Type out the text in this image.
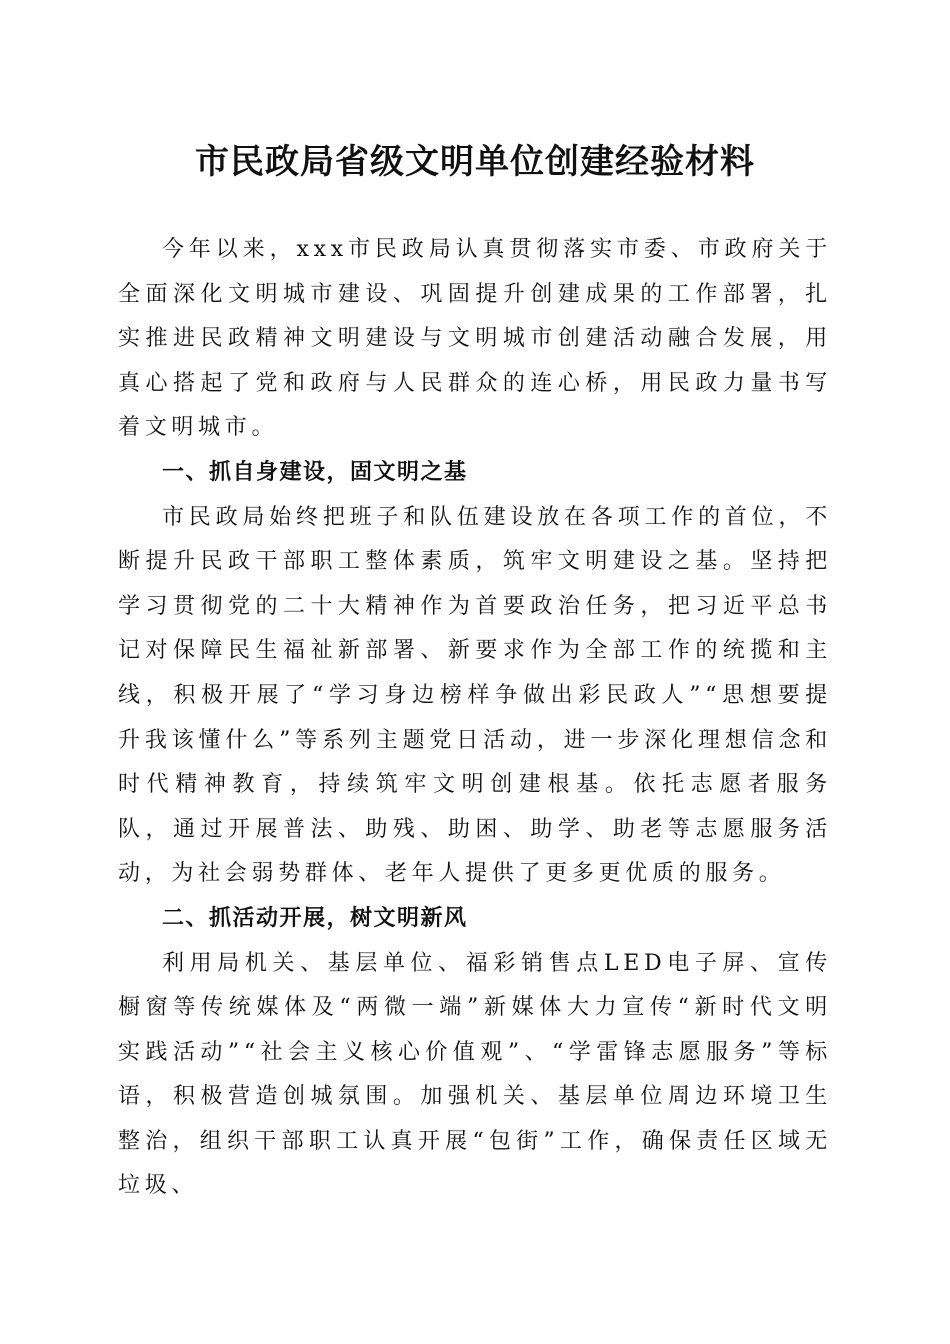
市民政局省级文明单位创建经验材料

今年以来，xxx市民政局认真贯彻落实市委、市政府关于全面深化文明城市建设、巩固提升创建成果的工作部署，扎实推进民政精神文明建设与文明城市创建活动融合发展，用真心搭起了党和政府与人民群众的连心桥，用民政力量书写着文明城市。

一、抓自身建设，固文明之基

市民政局始终把班子和队伍建设放在各项工作的首位，不断提升民政干部职工整体素质，筑牢文明建设之基。坚持把学习贯彻党的二十大精神作为首要政治任务，把习近平总书记对保障民生福祉新部署、新要求作为全部工作的统揽和主线，积极开展了“学习身边榜样争做出彩民政人”“思想要提升我该懂什么”等系列主题党日活动，进一步深化理想信念和时代精神教育，持续筑牢文明创建根基。依托志愿者服务队，通过开展普法、助残、助困、助学、助老等志愿服务活动，为社会弱势群体、老年人提供了更多更优质的服务。

二、抓活动开展，树文明新风

利用局机关、基层单位、福彩销售点LED电子屏、宣传橱窗等传统媒体及“两微一端”新媒体大力宣传“新时代文明实践活动”“社会主义核心价值观”、“学雷锋志愿服务”等标语，积极营造创城氛围。加强机关、基层单位周边环境卫生整治，组织干部职工认真开展“包街”工作，确保责任区域无垃圾、
